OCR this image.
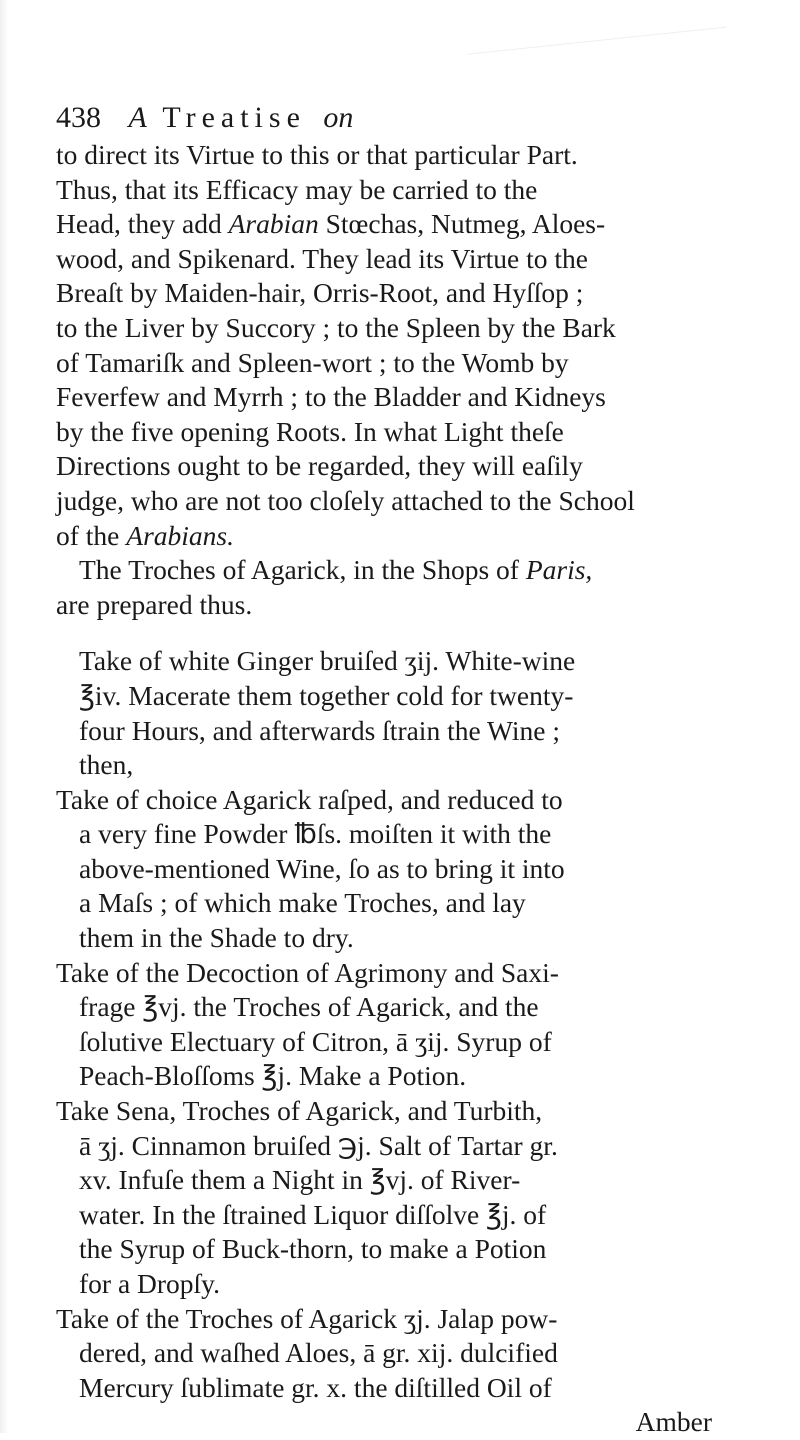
438 A Treatise on
to direct its Virtue to this or that particular Part.
Thus, that its Efficacy may be carried to the
Head, they add Arabian Stœchas, Nutmeg, Aloes-
wood, and Spikenard. They lead its Virtue to the
Breaſt by Maiden-hair, Orris-Root, and Hyſſop ;
to the Liver by Succory ; to the Spleen by the Bark
of Tamariſk and Spleen-wort ; to the Womb by
Feverfew and Myrrh ; to the Bladder and Kidneys
by the five opening Roots. In what Light theſe
Directions ought to be regarded, they will eaſily
judge, who are not too cloſely attached to the School
of the Arabians.
The Troches of Agarick, in the Shops of Paris,
are prepared thus.
Take of white Ginger bruiſed ʒij. White-wine
℥iv. Macerate them together cold for twenty-
four Hours, and afterwards ſtrain the Wine ;
then,
Take of choice Agarick raſped, and reduced to
a very fine Powder ℔ſs. moiſten it with the
above-mentioned Wine, ſo as to bring it into
a Maſs ; of which make Troches, and lay
them in the Shade to dry.
Take of the Decoction of Agrimony and Saxi-
frage ℥vj. the Troches of Agarick, and the
ſolutive Electuary of Citron, ā ʒij. Syrup of
Peach-Bloſſoms ℥j. Make a Potion.
Take Sena, Troches of Agarick, and Turbith,
ā ʒj. Cinnamon bruiſed ℈j. Salt of Tartar gr.
xv. Infuſe them a Night in ℥vj. of River-
water. In the ſtrained Liquor diſſolve ℥j. of
the Syrup of Buck-thorn, to make a Potion
for a Dropſy.
Take of the Troches of Agarick ʒj. Jalap pow-
dered, and waſhed Aloes, ā gr. xij. dulcified
Mercury ſublimate gr. x. the diſtilled Oil of
Amber
